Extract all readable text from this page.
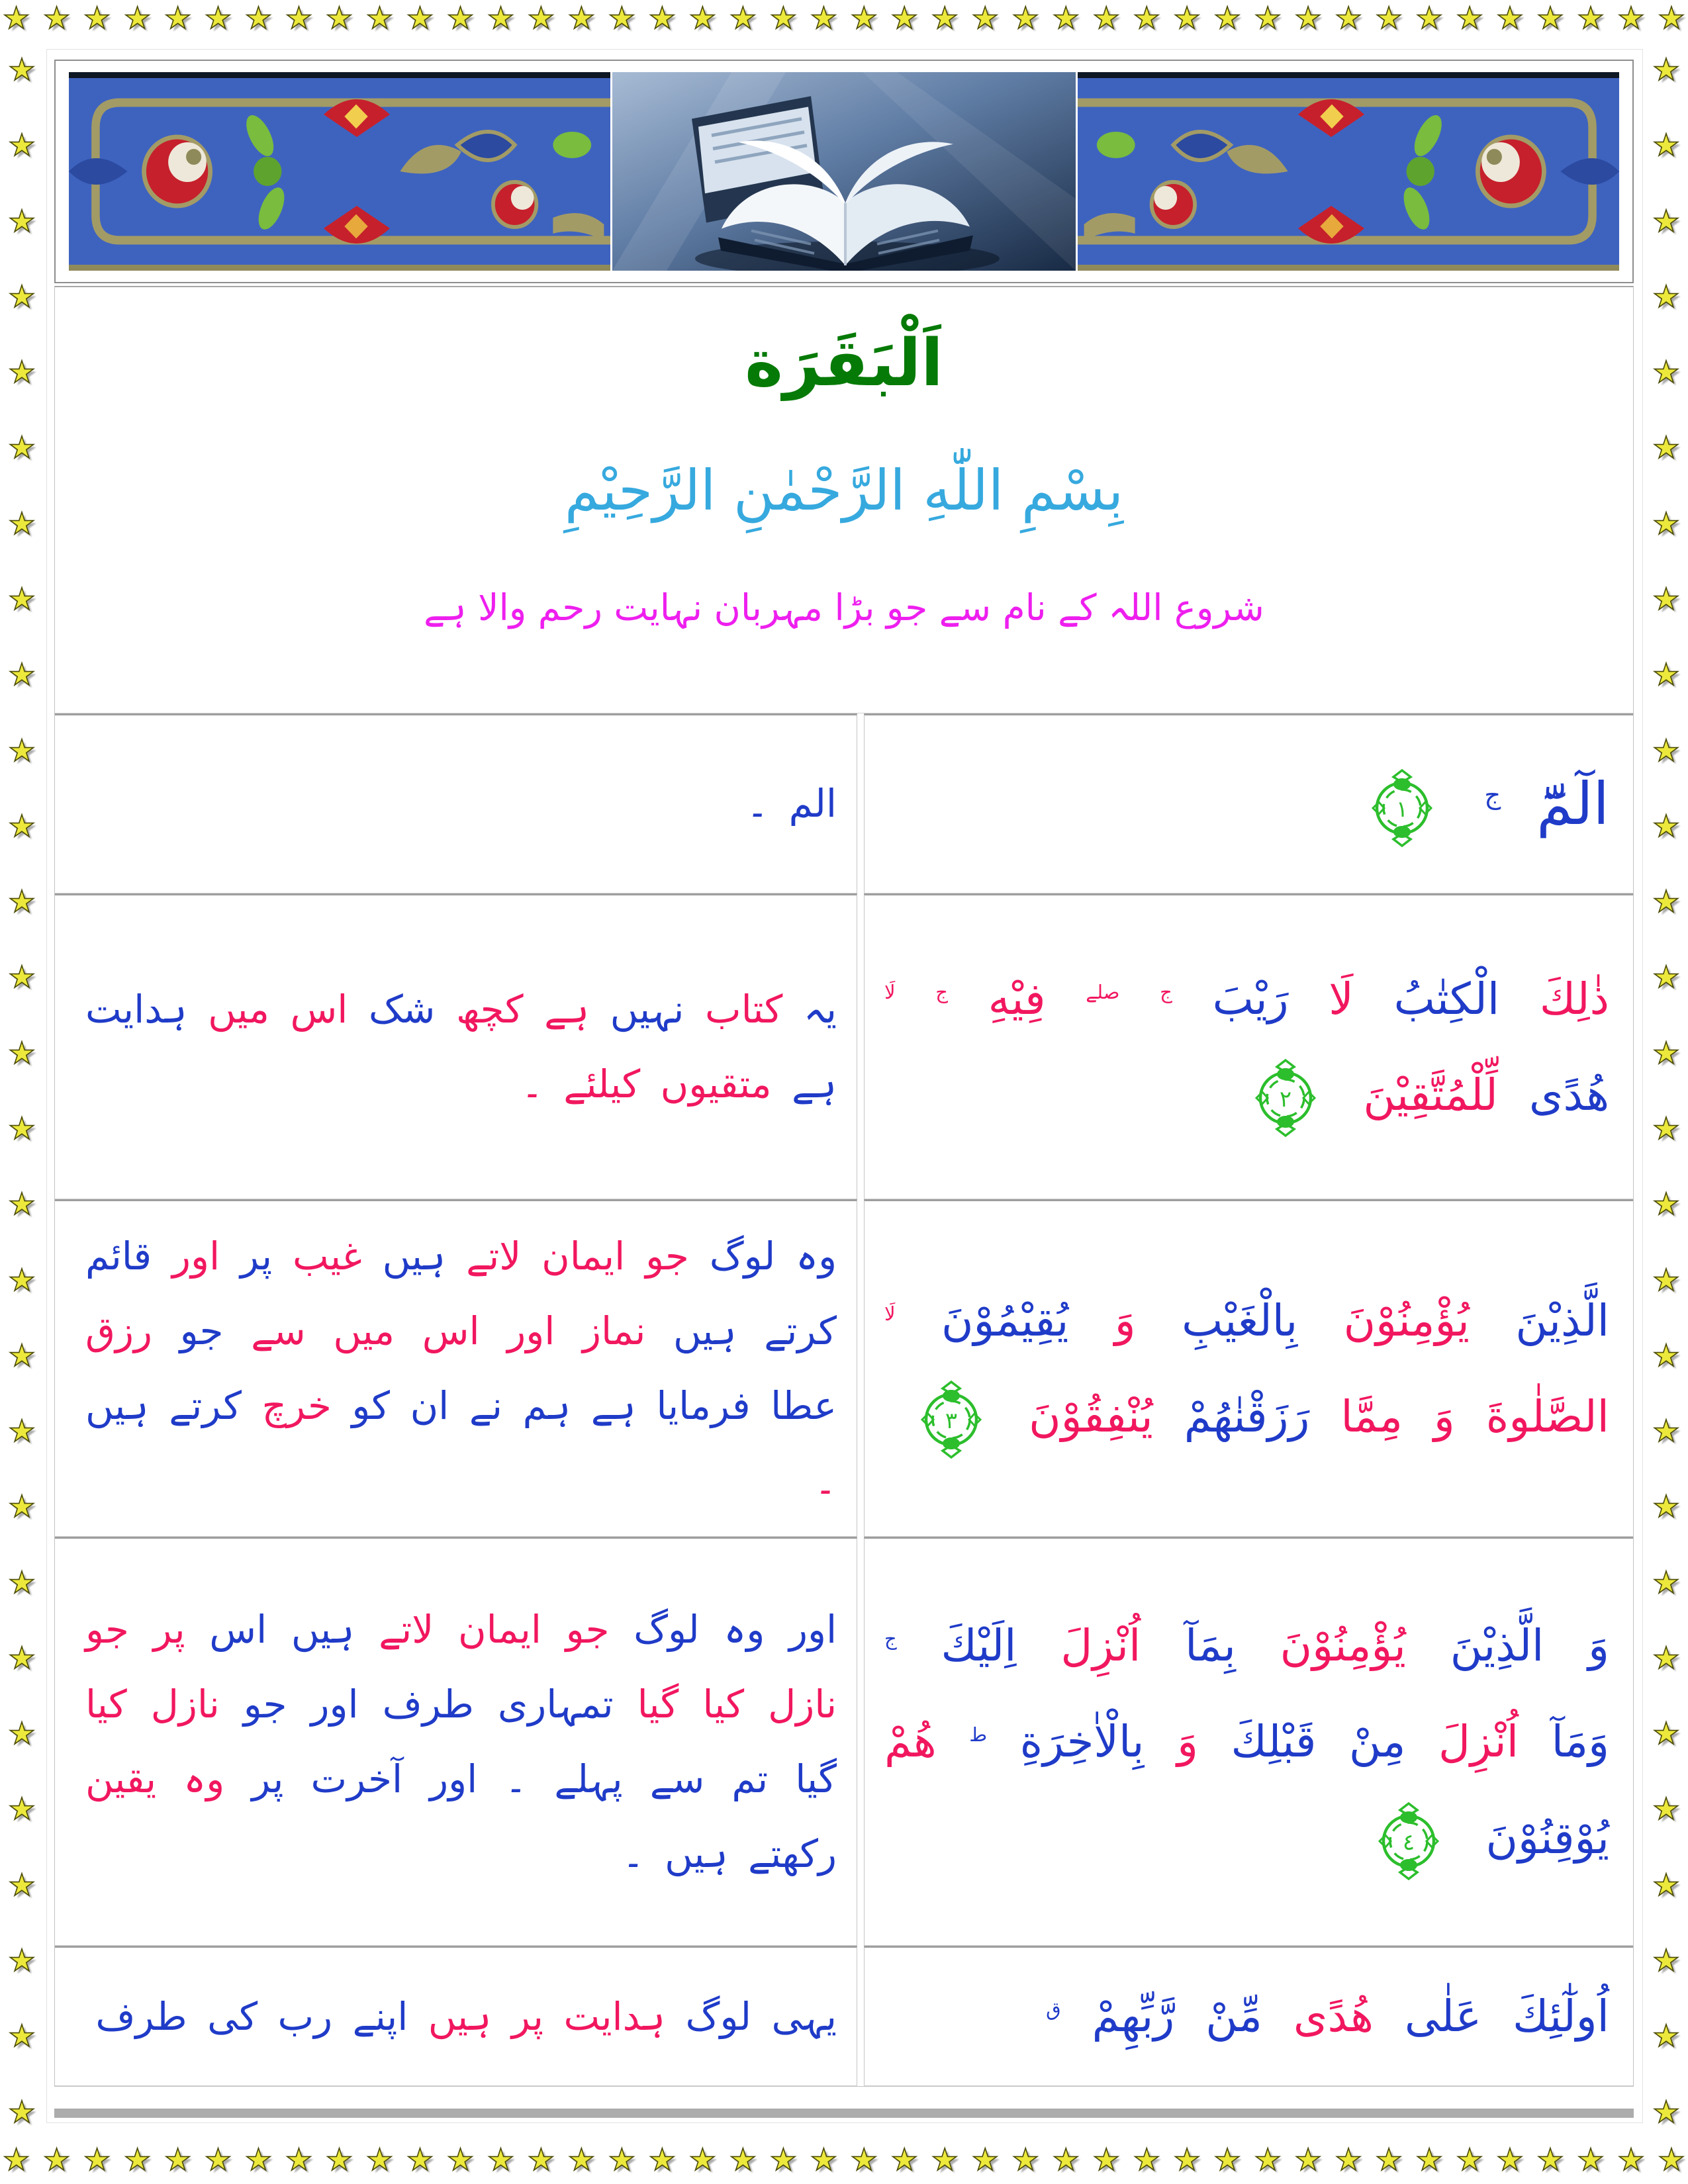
★ ★ ★ ★ ★ ★ ★ ★ ★ ★ ★ ★ ★ ★ ★ ★ ★ ★ ★ ★ ★ ★ ★ ★ ★ ★ ★ ★ ★ ★ ★ ★ ★ ★ ★ ★ ★ ★ ★ ★ ★ ★
★ ★ ★ ★ ★ ★ ★ ★ ★ ★ ★ ★ ★ ★ ★ ★ ★ ★ ★ ★ ★ ★ ★ ★ ★ ★ ★ ★ ★ ★ ★ ★ ★ ★ ★ ★ ★ ★ ★ ★ ★ ★
★
★
★
★
★
★
★
★
★
★
★
★
★
★
★
★
★
★
★
★
★
★
★
★
★
★
★
★
★
★
★
★
★
★
★
★
★
★
★
★
★
★
★
★
★
★
★
★
★
★
★
★
★
★
★
★
اَلْبَقَرَة
بِسْمِ اللّٰهِ الرَّحْمٰنِ الرَّحِيْمِ
شروع اللہ کے نام سے جو بڑا مہربان نہایت رحم والا ہے
الم ۔	الٓمّٓ $^ج$
١
یہ کتاب نہیں ہے کچھ شک اس میں ہدایت ہے متقیوں کیلئے ۔
ذٰلِكَ الْكِتٰبُ لَا رَيْبَ $^ج$ $^{صلے}$ فِيْهِ $^ج$ $^{لَا}$ هُدًى لِّلْمُتَّقِيْنَ
٢
وہ لوگ جو ایمان لاتے ہیں غیب پر اور قائم کرتے ہیں نماز اور اس میں سے جو رزق عطا فرمایا ہے ہم نے ان کو خرچ کرتے ہیں ۔
الَّذِيْنَ يُؤْمِنُوْنَ بِالْغَيْبِ وَ يُقِيْمُوْنَ $^{لَا}$ الصَّلٰوةَ وَ مِمَّا رَزَقْنٰهُمْ يُنْفِقُوْنَ
٣
اور وہ لوگ جو ایمان لاتے ہیں اس پر جو نازل کیا گیا تمہاری طرف اور جو نازل کیا گیا تم سے پہلے ۔ اور آخرت پر وہ یقین رکھتے ہیں ۔
وَ الَّذِيْنَ يُؤْمِنُوْنَ بِمَآ اُنْزِلَ اِلَيْكَ $^ج$ وَمَآ اُنْزِلَ مِنْ قَبْلِكَ وَ بِالْاٰخِرَةِ $^ط$ هُمْ يُوْقِنُوْنَ
٤
یہی لوگ ہدایت پر ہیں اپنے رب کی طرف	اُولٰٓئِكَ عَلٰى هُدًى مِّنْ رَّبِّهِمْ $^ق$
